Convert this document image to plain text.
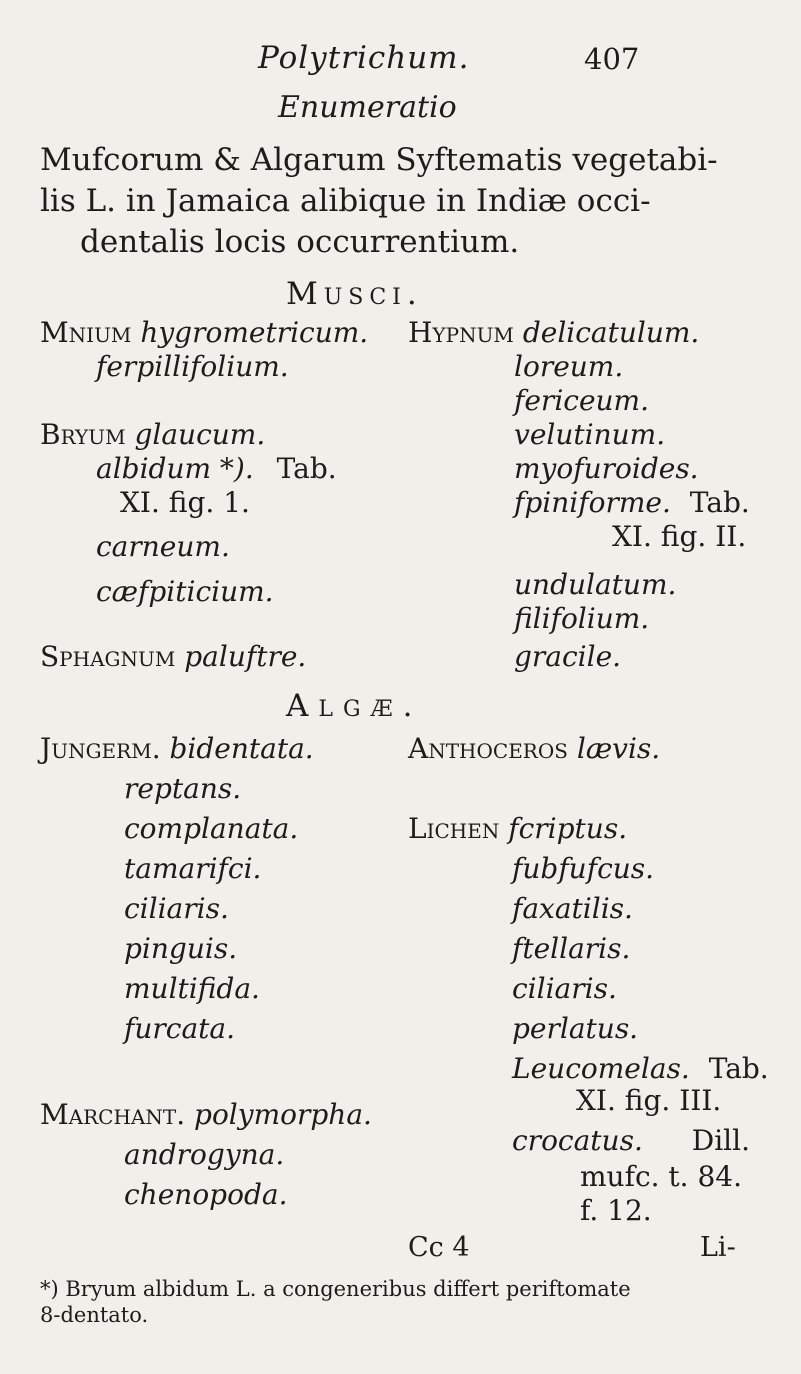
Polytrichum.	407
Enumeratio
Mufcorum & Algarum Syftematis vegetabi-
lis L. in Jamaica alibique in Indiæ occi-
dentalis locis occurrentium.
Musci.
Mnium hygrometricum.
ferpillifolium.
Bryum glaucum.
albidum *). Tab.
XI. fig. 1.
carneum.
cæfpiticium.
Sphagnum paluftre.
Hypnum delicatulum.
loreum.
fericeum.
velutinum.
myofuroides.
fpiniforme. Tab.
XI. fig. II.
undulatum.
filifolium.
gracile.
Algæ.
Jungerm. bidentata.
reptans.
complanata.
tamarifci.
ciliaris.
pinguis.
multifida.
furcata.
Marchant. polymorpha.
androgyna.
chenopoda.
Anthoceros lævis.
Lichen fcriptus.
fubfufcus.
faxatilis.
ftellaris.
ciliaris.
perlatus.
Leucomelas. Tab.
XI. fig. III.
crocatus. Dill.
mufc. t. 84.
f. 12.
Cc 4	Li-
*) Bryum albidum L. a congeneribus differt periftomate
8-dentato.
